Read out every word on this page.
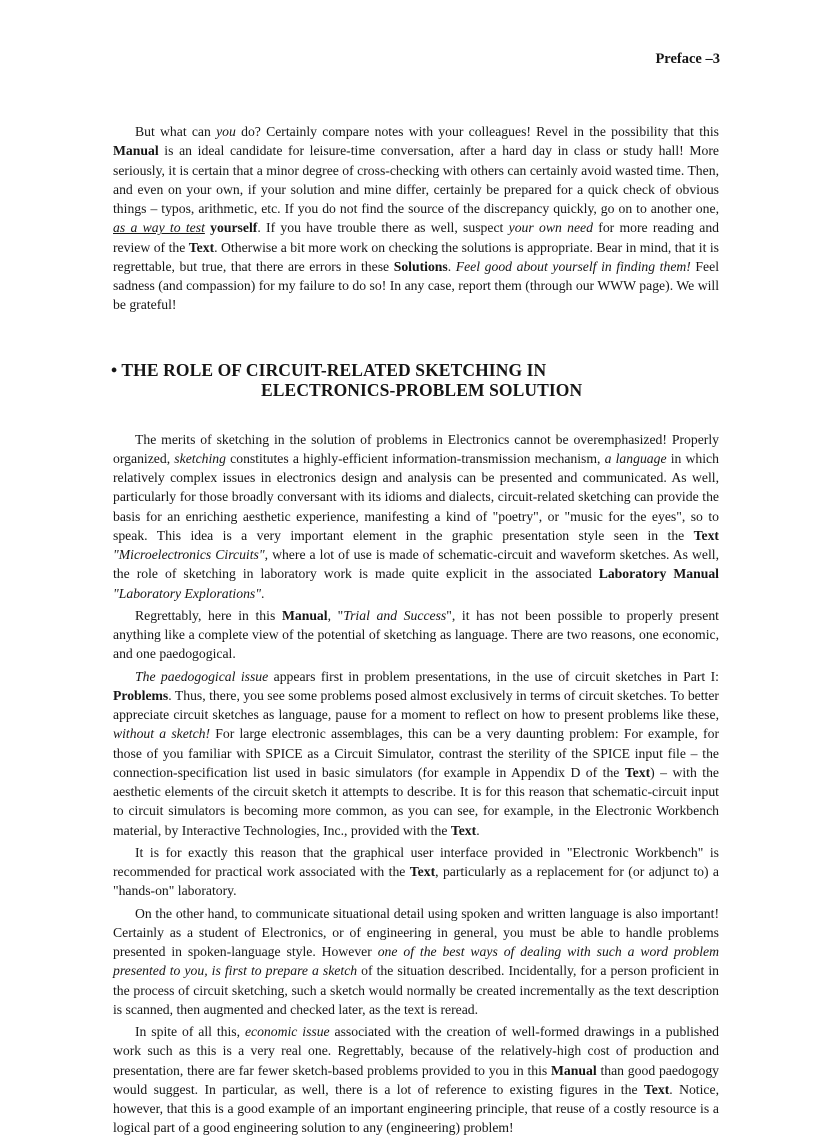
Preface –3

But what can you do? Certainly compare notes with your colleagues! Revel in the possibility that this Manual is an ideal candidate for leisure-time conversation, after a hard day in class or study hall! More seriously, it is certain that a minor degree of cross-checking with others can certainly avoid wasted time. Then, and even on your own, if your solution and mine differ, certainly be prepared for a quick check of obvious things – typos, arithmetic, etc. If you do not find the source of the discrepancy quickly, go on to another one, as a way to test yourself. If you have trouble there as well, suspect your own need for more reading and review of the Text. Otherwise a bit more work on checking the solutions is appropriate. Bear in mind, that it is regrettable, but true, that there are errors in these Solutions. Feel good about yourself in finding them! Feel sadness (and compassion) for my failure to do so! In any case, report them (through our WWW page). We will be grateful!

• THE ROLE OF CIRCUIT-RELATED SKETCHING IN
ELECTRONICS-PROBLEM SOLUTION

The merits of sketching in the solution of problems in Electronics cannot be overemphasized! Properly organized, sketching constitutes a highly-efficient information-transmission mechanism, a language in which relatively complex issues in electronics design and analysis can be presented and communicated. As well, particularly for those broadly conversant with its idioms and dialects, circuit-related sketching can provide the basis for an enriching aesthetic experience, manifesting a kind of "poetry", or "music for the eyes", so to speak. This idea is a very important element in the graphic presentation style seen in the Text "Microelectronics Circuits", where a lot of use is made of schematic-circuit and waveform sketches. As well, the role of sketching in laboratory work is made quite explicit in the associated Laboratory Manual "Laboratory Explorations".

Regrettably, here in this Manual, "Trial and Success", it has not been possible to properly present anything like a complete view of the potential of sketching as language. There are two reasons, one economic, and one paedogogical.

The paedogogical issue appears first in problem presentations, in the use of circuit sketches in Part I: Problems. Thus, there, you see some problems posed almost exclusively in terms of circuit sketches. To better appreciate circuit sketches as language, pause for a moment to reflect on how to present problems like these, without a sketch! For large electronic assemblages, this can be a very daunting problem: For example, for those of you familiar with SPICE as a Circuit Simulator, contrast the sterility of the SPICE input file – the connection-specification list used in basic simulators (for example in Appendix D of the Text) – with the aesthetic elements of the circuit sketch it attempts to describe. It is for this reason that schematic-circuit input to circuit simulators is becoming more common, as you can see, for example, in the Electronic Workbench material, by Interactive Technologies, Inc., provided with the Text.

It is for exactly this reason that the graphical user interface provided in "Electronic Workbench" is recommended for practical work associated with the Text, particularly as a replacement for (or adjunct to) a "hands-on" laboratory.

On the other hand, to communicate situational detail using spoken and written language is also important! Certainly as a student of Electronics, or of engineering in general, you must be able to handle problems presented in spoken-language style. However one of the best ways of dealing with such a word problem presented to you, is first to prepare a sketch of the situation described. Incidentally, for a person proficient in the process of circuit sketching, such a sketch would normally be created incrementally as the text description is scanned, then augmented and checked later, as the text is reread.

In spite of all this, economic issue associated with the creation of well-formed drawings in a published work such as this is a very real one. Regrettably, because of the relatively-high cost of production and presentation, there are far fewer sketch-based problems provided to you in this Manual than good paedogogy would suggest. In particular, as well, there is a lot of reference to existing figures in the Text. Notice, however, that this is a good example of an important engineering principle, that reuse of a costly resource is a logical part of a good engineering solution to any (engineering) problem!
